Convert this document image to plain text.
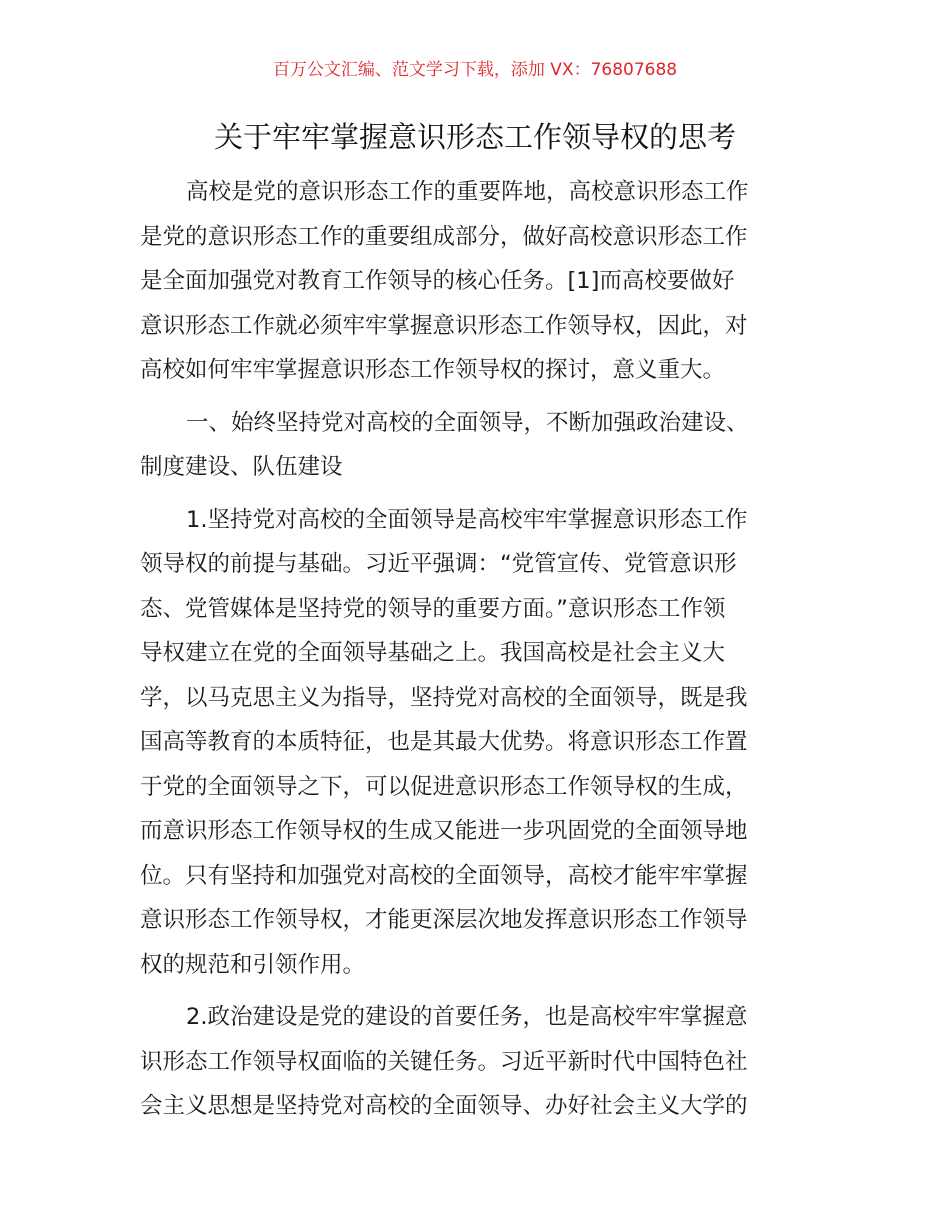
百万公文汇编、范文学习下载，添加 VX：76807688
关于牢牢掌握意识形态工作领导权的思考
高校是党的意识形态工作的重要阵地，高校意识形态工作
是党的意识形态工作的重要组成部分，做好高校意识形态工作
是全面加强党对教育工作领导的核心任务。[1]而高校要做好
意识形态工作就必须牢牢掌握意识形态工作领导权，因此，对
高校如何牢牢掌握意识形态工作领导权的探讨，意义重大。
一、始终坚持党对高校的全面领导，不断加强政治建设、
制度建设、队伍建设
1.坚持党对高校的全面领导是高校牢牢掌握意识形态工作
领导权的前提与基础。习近平强调：“党管宣传、党管意识形
态、党管媒体是坚持党的领导的重要方面。”意识形态工作领
导权建立在党的全面领导基础之上。我国高校是社会主义大
学，以马克思主义为指导，坚持党对高校的全面领导，既是我
国高等教育的本质特征，也是其最大优势。将意识形态工作置
于党的全面领导之下，可以促进意识形态工作领导权的生成，
而意识形态工作领导权的生成又能进一步巩固党的全面领导地
位。只有坚持和加强党对高校的全面领导，高校才能牢牢掌握
意识形态工作领导权，才能更深层次地发挥意识形态工作领导
权的规范和引领作用。
2.政治建设是党的建设的首要任务，也是高校牢牢掌握意
识形态工作领导权面临的关键任务。习近平新时代中国特色社
会主义思想是坚持党对高校的全面领导、办好社会主义大学的
